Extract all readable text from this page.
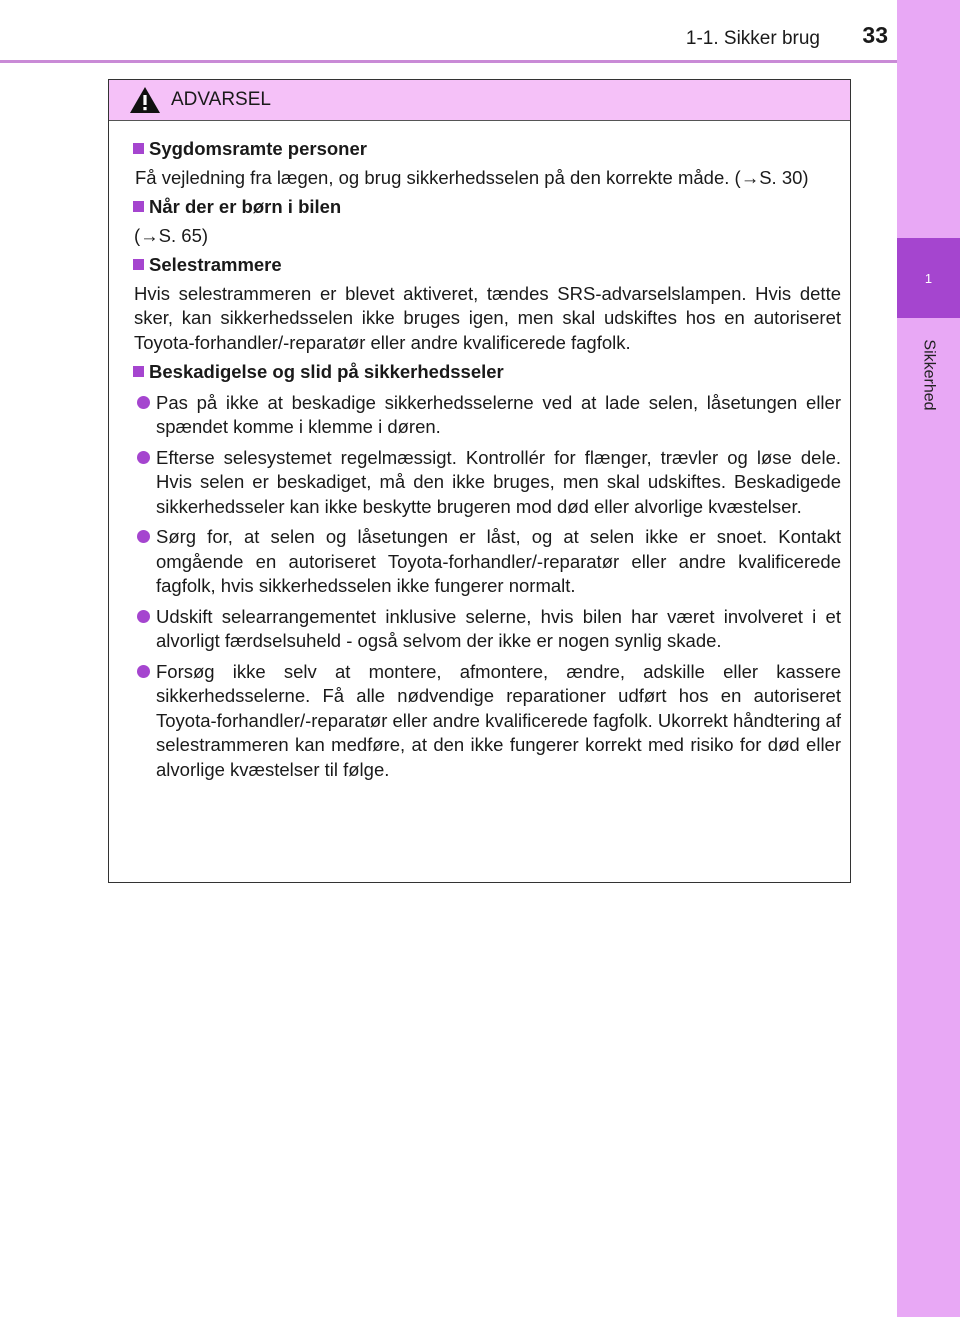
1
Sikkerhed
1-1. Sikker brug	33
ADVARSEL
Sygdomsramte personer

Få vejledning fra lægen, og brug sikkerhedsselen på den korrekte måde. (→S. 30)

Når der er børn i bilen

(→S. 65)

Selestrammere

Hvis selestrammeren er blevet aktiveret, tændes SRS-advarselslampen. Hvis dette sker, kan sikkerhedsselen ikke bruges igen, men skal udskiftes hos en autoriseret Toyota-forhandler/-reparatør eller andre kvalificerede fagfolk.

Beskadigelse og slid på sikkerhedsseler
Pas på ikke at beskadige sikkerhedsselerne ved at lade selen, låsetungen eller spændet komme i klemme i døren.
Efterse selesystemet regelmæssigt. Kontrollér for flænger, trævler og løse dele. Hvis selen er beskadiget, må den ikke bruges, men skal udskiftes. Beskadigede sikkerhedsseler kan ikke beskytte brugeren mod død eller alvorlige kvæstelser.
Sørg for, at selen og låsetungen er låst, og at selen ikke er snoet. Kontakt omgående en autoriseret Toyota-forhandler/-reparatør eller andre kvalificerede fagfolk, hvis sikkerhedsselen ikke fungerer normalt.
Udskift selearrangementet inklusive selerne, hvis bilen har været involveret i et alvorligt færdselsuheld - også selvom der ikke er nogen synlig skade.
Forsøg ikke selv at montere, afmontere, ændre, adskille eller kassere sikkerhedsselerne. Få alle nødvendige reparationer udført hos en autoriseret Toyota-forhandler/-reparatør eller andre kvalificerede fagfolk. Ukorrekt håndtering af selestrammeren kan medføre, at den ikke fungerer korrekt med risiko for død eller alvorlige kvæstelser til følge.
